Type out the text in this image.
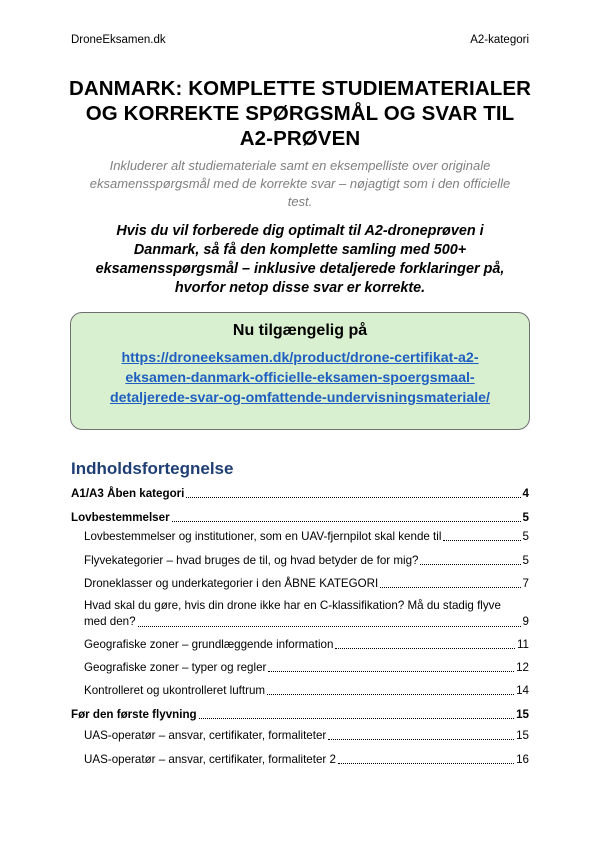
DroneEksamen.dk	A2-kategori
DANMARK: KOMPLETTE STUDIEMATERIALER
OG KORREKTE SPØRGSMÅL OG SVAR TIL
A2-PRØVEN
Inkluderer alt studiemateriale samt en eksempelliste over originale
eksamensspørgsmål med de korrekte svar – nøjagtigt som i den officielle
test.
Hvis du vil forberede dig optimalt til A2-droneprøven i
Danmark, så få den komplette samling med 500+
eksamensspørgsmål – inklusive detaljerede forklaringer på,
hvorfor netop disse svar er korrekte.
Nu tilgængelig på
https://droneeksamen.dk/product/drone-certifikat-a2-
eksamen-danmark-officielle-eksamen-spoergsmaal-
detaljerede-svar-og-omfattende-undervisningsmateriale/
Indholdsfortegnelse
A1/A3 Åben kategori	4
Lovbestemmelser	5
Lovbestemmelser og institutioner, som en UAV-fjernpilot skal kende til	5
Flyvekategorier – hvad bruges de til, og hvad betyder de for mig?	5
Droneklasser og underkategorier i den ÅBNE KATEGORI	7
Hvad skal du gøre, hvis din drone ikke har en C-klassifikation? Må du stadig flyve
med den?	9
Geografiske zoner – grundlæggende information	11
Geografiske zoner – typer og regler	12
Kontrolleret og ukontrolleret luftrum	14
Før den første flyvning	15
UAS-operatør – ansvar, certifikater, formaliteter	15
UAS-operatør – ansvar, certifikater, formaliteter 2	16
